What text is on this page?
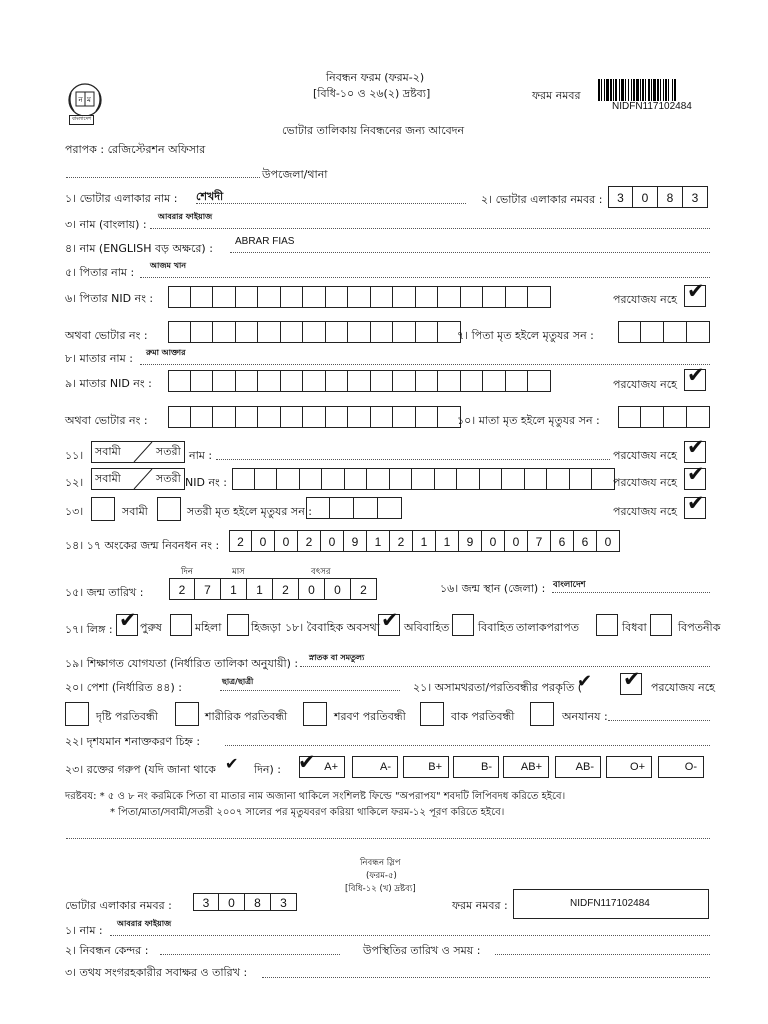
ন ম
বাংলাদেশ
নিবন্ধন ফরম (ফরম-২)
[বিধি-১০ ও ২৬(২) দ্রষ্টব্য]	ফরম নমবর
NIDFN117102484
ভোটার তালিকায় নিবন্ধনের জন্য আবেদন
পরাপক : রেজিস্টেরশন অফিসার
উপজেলা/থানা
১। ভোটার এলাকার নাম : শেখদী	২। ভোটার এলাকার নমবর :	3	0	8	3
৩। নাম (বাংলায়) :
আবরার ফাইয়াজ
৪। নাম (ENGLISH বড় অক্ষরে) :
ABRAR FIAS
৫। পিতার নাম :
আজম খান
৬। পিতার NID নং :	পরযোজয নহে ✔
অথবা ভোটার নং :	৭। পিতা মৃত হইলে মৃতুযর সন :
৮। মাতার নাম : রুমা আক্তার
৯। মাতার NID নং :	পরযোজয নহে ✔
অথবা ভোটার নং :	১০। মাতা মৃত হইলে মৃতুযর সন :
১১। সবামী	সতরী নাম :	পরযোজয নহে ✔
১২। সবামী	সতরী NID নং :	পরযোজয নহে ✔
১৩।	সবামী	সতরী মৃত হইলে মৃতুযর সন :	পরযোজয নহে ✔
১৪। ১৭ অংকের জন্ম নিবনধন নং :	2	0	0	2	0	9	1	2	1	1	9	0	0	7	6	6	0
দিন	মাস	বৎসর
১৫। জন্ম তারিখ :	2	7	1	1	2	0	0	2	১৬। জন্ম স্থান (জেলা) : বাংলাদেশ
১৭। লিঙ্গ : ✔ পুরুষ	মহিলা	হিজড়া ১৮। বৈবাহিক অবসথা ✔ অবিবাহিত	বিবাহিত তালাকপরাপত	বিধবা	বিপতনীক
১৯। শিক্ষাগত যোগযতা (নির্ধারিত তালিকা অনুযায়ী) : স্নাতক বা সমতুল্য
২০। পেশা (নির্ধারিত ৪৪) :	ছাত্র/ছাত্রী	২১। অসামথরতা/পরতিবন্ধীর পরকৃতি (
✔ ✔ পরযোজয নহে
দৃষ্টি পরতিবন্ধী	শারীরিক পরতিবন্ধী	শরবণ পরতিবন্ধী	বাক পরতিবন্ধী	অনযানয :
২২। দৃশযমান শনাক্তকরণ চিহ্ন :
২৩। রক্তের গরুপ (যদি জানা থাকে ✔ দিন) :	A+	A-	B+	B-	AB+	AB-	O+	O-
✔
দরষ্টবয: * ৫ ও ৮ নং করমিকে পিতা বা মাতার নাম অজানা থাকিলে সংশিলষ্ট ফিল্ডে "অপরাপয" শবদটি লিপিবদধ করিতে হইবে।
* পিতা/মাতা/সবামী/সতরী ২০০৭ সালের পর মৃতুযবরণ করিয়া থাকিলে ফরম-১২ পূরণ করিতে হইবে।
নিবন্ধন স্লিপ
(ফরম-৫)
[বিধি-১২ (খ) দ্রষ্টব্য]
ভোটার এলাকার নমবর :	3	0	8	3	ফরম নমবর :	NIDFN117102484
১। নাম :
আবরার ফাইয়াজ
২। নিবন্ধন কেন্দর :	উপস্থিতির তারিখ ও সময় :
৩। তথয সংগরহকারীর সবাক্ষর ও তারিখ :
